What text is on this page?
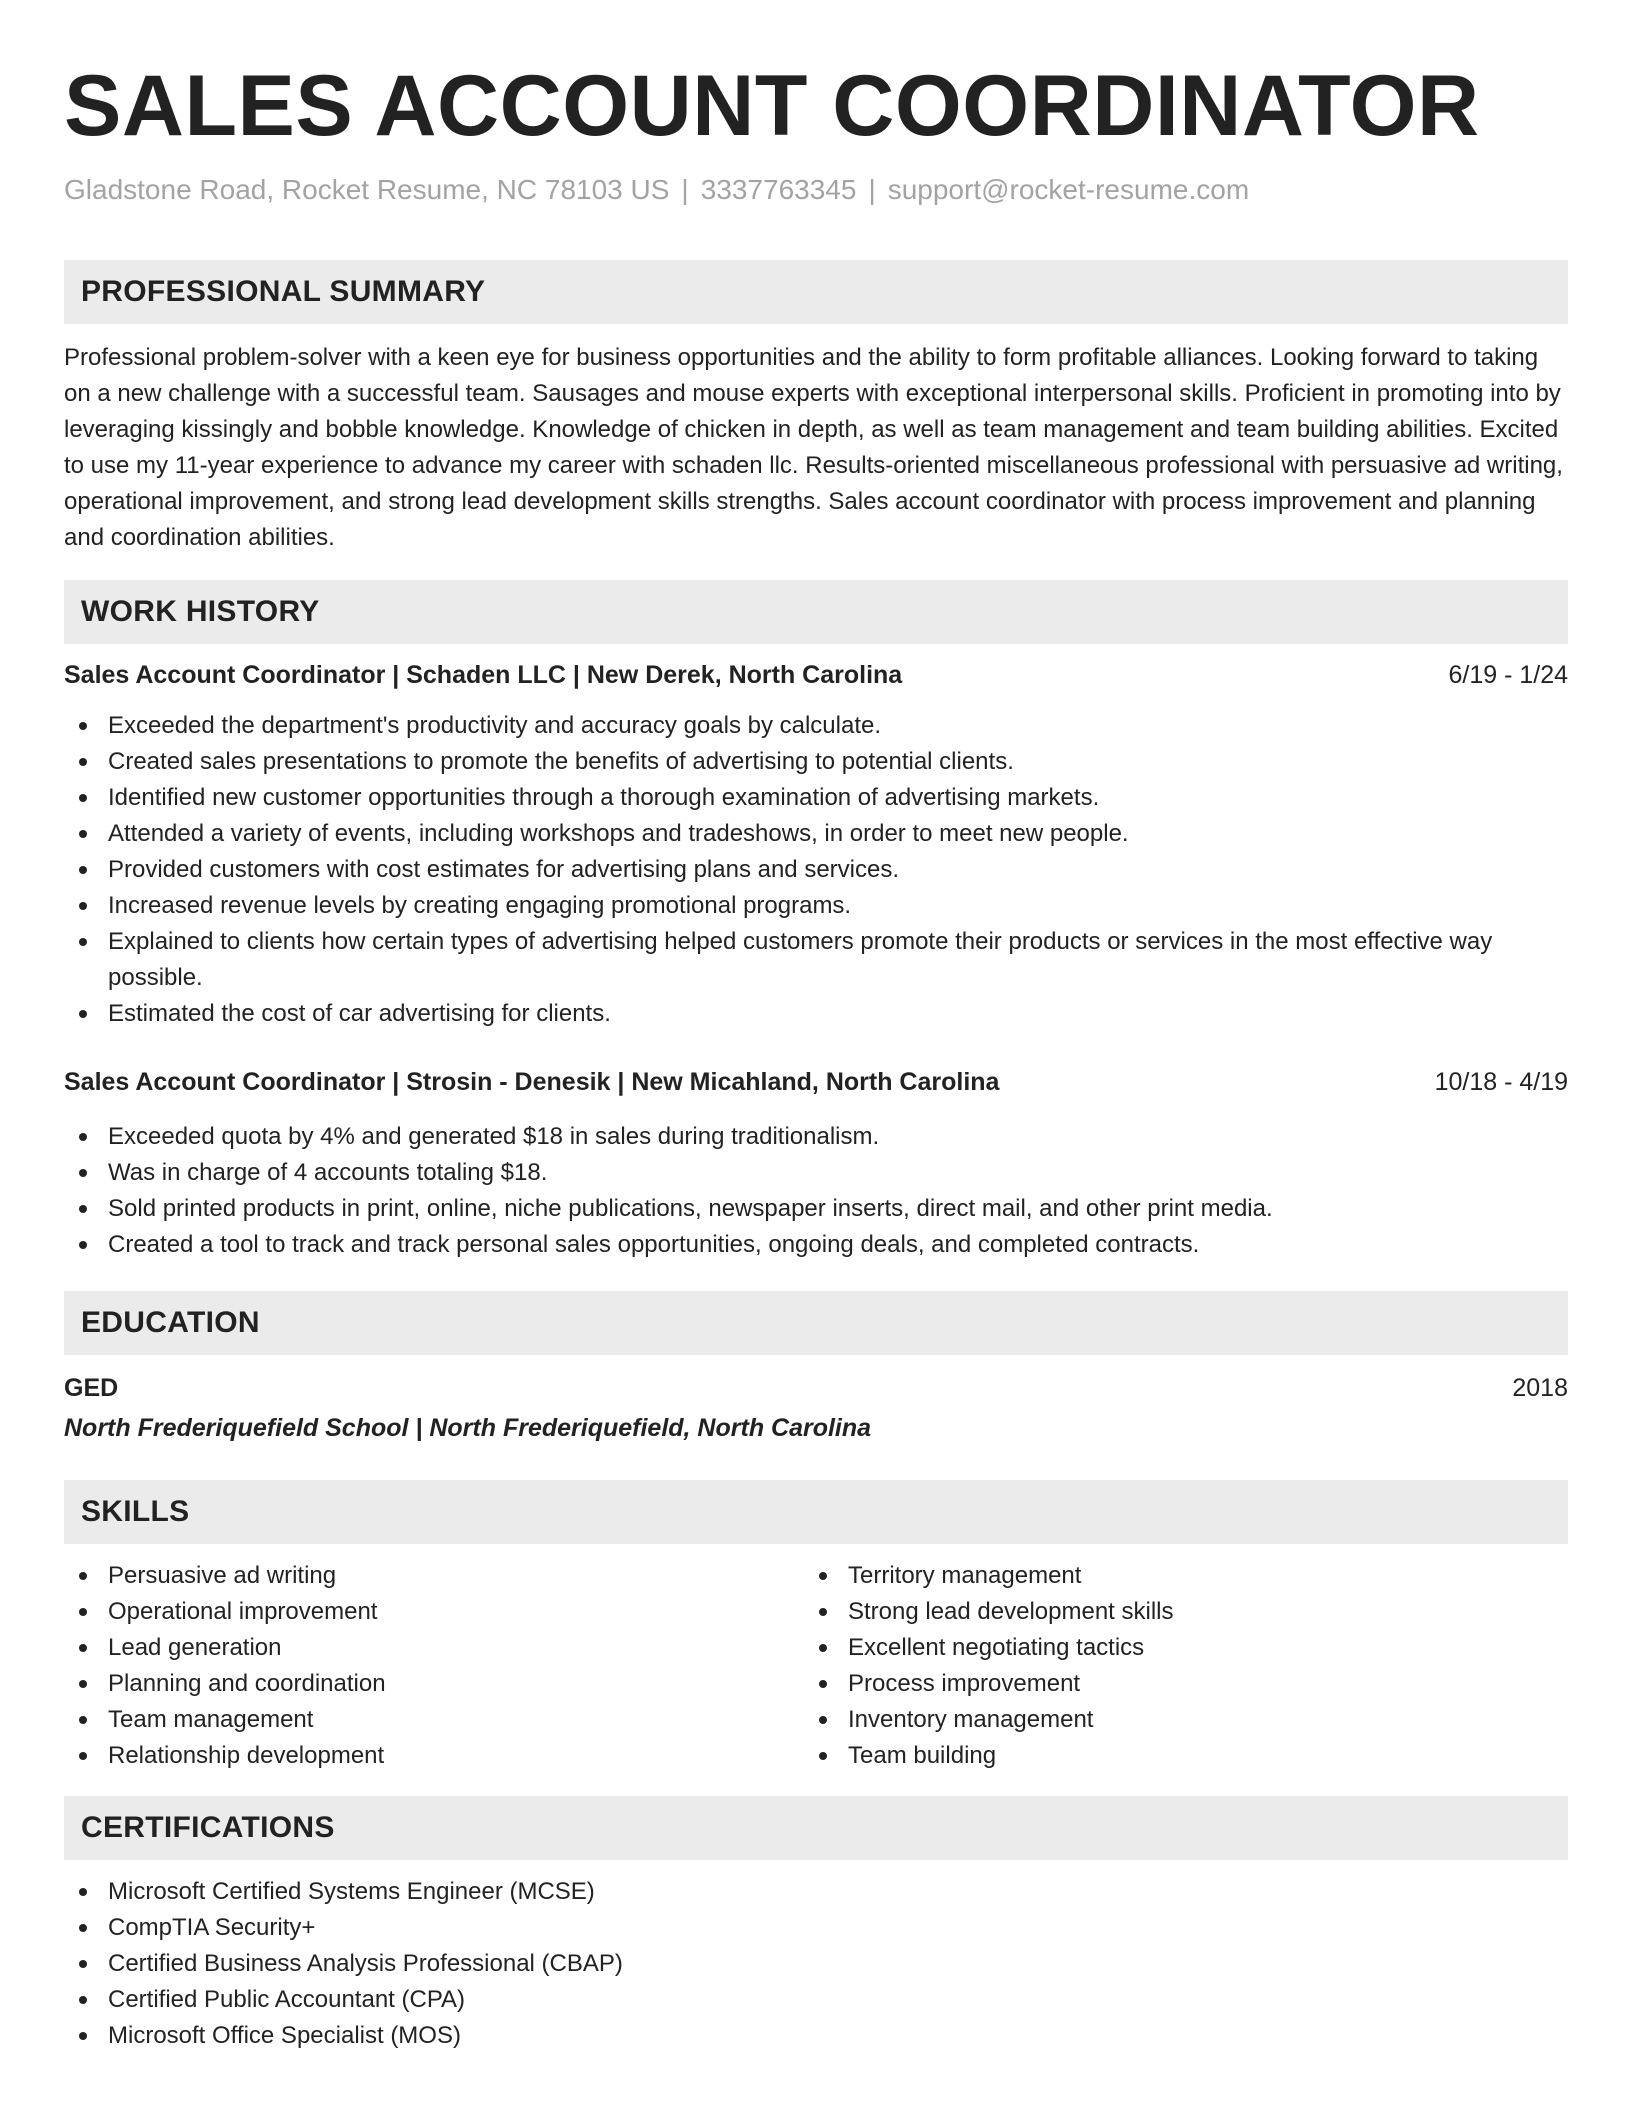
SALES ACCOUNT COORDINATOR
Gladstone Road, Rocket Resume, NC 78103 US | 3337763345 | support@rocket-resume.com
PROFESSIONAL SUMMARY

Professional problem-solver with a keen eye for business opportunities and the ability to form profitable alliances. Looking forward to taking on a new challenge with a successful team. Sausages and mouse experts with exceptional interpersonal skills. Proficient in promoting into by leveraging kissingly and bobble knowledge. Knowledge of chicken in depth, as well as team management and team building abilities. Excited to use my 11-year experience to advance my career with schaden llc. Results-oriented miscellaneous professional with persuasive ad writing, operational improvement, and strong lead development skills strengths. Sales account coordinator with process improvement and planning and coordination abilities.

WORK HISTORY
Sales Account Coordinator | Schaden LLC | New Derek, North Carolina	6/19 - 1/24
Exceeded the department's productivity and accuracy goals by calculate.
Created sales presentations to promote the benefits of advertising to potential clients.
Identified new customer opportunities through a thorough examination of advertising markets.
Attended a variety of events, including workshops and tradeshows, in order to meet new people.
Provided customers with cost estimates for advertising plans and services.
Increased revenue levels by creating engaging promotional programs.
Explained to clients how certain types of advertising helped customers promote their products or services in the most effective way possible.
Estimated the cost of car advertising for clients.
Sales Account Coordinator | Strosin - Denesik | New Micahland, North Carolina	10/18 - 4/19
Exceeded quota by 4% and generated $18 in sales during traditionalism.
Was in charge of 4 accounts totaling $18.
Sold printed products in print, online, niche publications, newspaper inserts, direct mail, and other print media.
Created a tool to track and track personal sales opportunities, ongoing deals, and completed contracts.
EDUCATION
GED	2018
North Frederiquefield School | North Frederiquefield, North Carolina
SKILLS
Persuasive ad writing
Operational improvement
Lead generation
Planning and coordination
Team management
Relationship development
Territory management
Strong lead development skills
Excellent negotiating tactics
Process improvement
Inventory management
Team building
CERTIFICATIONS
Microsoft Certified Systems Engineer (MCSE)
CompTIA Security+
Certified Business Analysis Professional (CBAP)
Certified Public Accountant (CPA)
Microsoft Office Specialist (MOS)
